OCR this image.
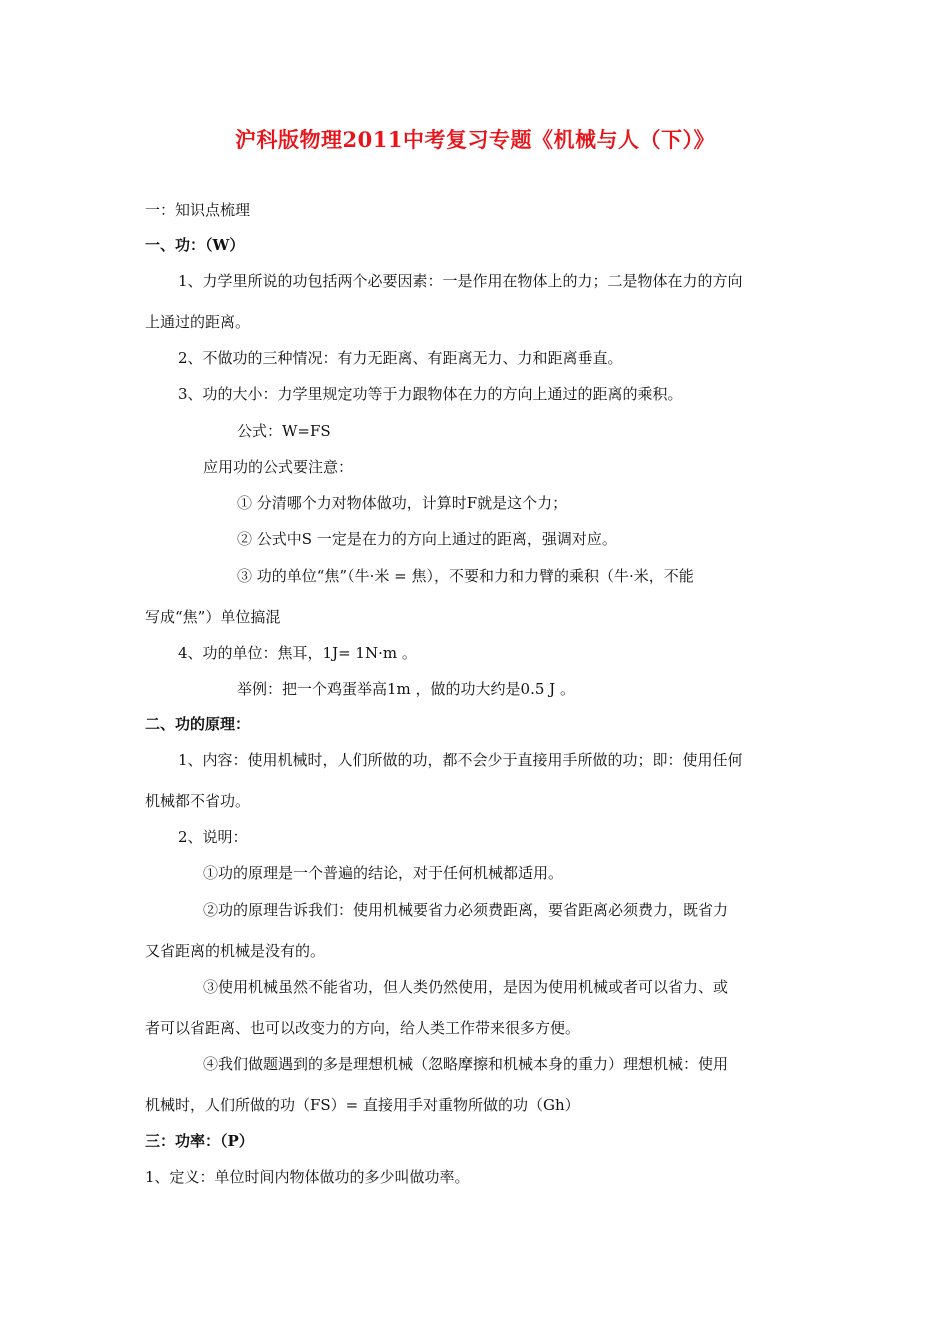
沪科版物理2011中考复习专题《机械与人（下）》
一：知识点梳理
一、功：（W）
1、力学里所说的功包括两个必要因素：一是作用在物体上的力；二是物体在力的方向
上通过的距离。
2、不做功的三种情况：有力无距离、有距离无力、力和距离垂直。
3、功的大小：力学里规定功等于力跟物体在力的方向上通过的距离的乘积。
公式：W=FS
应用功的公式要注意：
① 分清哪个力对物体做功，计算时F就是这个力；
② 公式中S 一定是在力的方向上通过的距离，强调对应。
③ 功的单位“焦”（牛·米 = 焦），不要和力和力臂的乘积（牛·米，不能
写成“焦”）单位搞混
4、功的单位：焦耳，1J= 1N·m 。
举例：把一个鸡蛋举高1m ，做的功大约是0.5 J 。
二、功的原理：
1、内容：使用机械时，人们所做的功，都不会少于直接用手所做的功；即：使用任何
机械都不省功。
2、说明：
①功的原理是一个普遍的结论，对于任何机械都适用。
②功的原理告诉我们：使用机械要省力必须费距离，要省距离必须费力，既省力
又省距离的机械是没有的。
③使用机械虽然不能省功，但人类仍然使用，是因为使用机械或者可以省力、或
者可以省距离、也可以改变力的方向，给人类工作带来很多方便。
④我们做题遇到的多是理想机械（忽略摩擦和机械本身的重力）理想机械：使用
机械时，人们所做的功（FS）= 直接用手对重物所做的功（Gh）
三：功率：（P）
1、定义：单位时间内物体做功的多少叫做功率。
